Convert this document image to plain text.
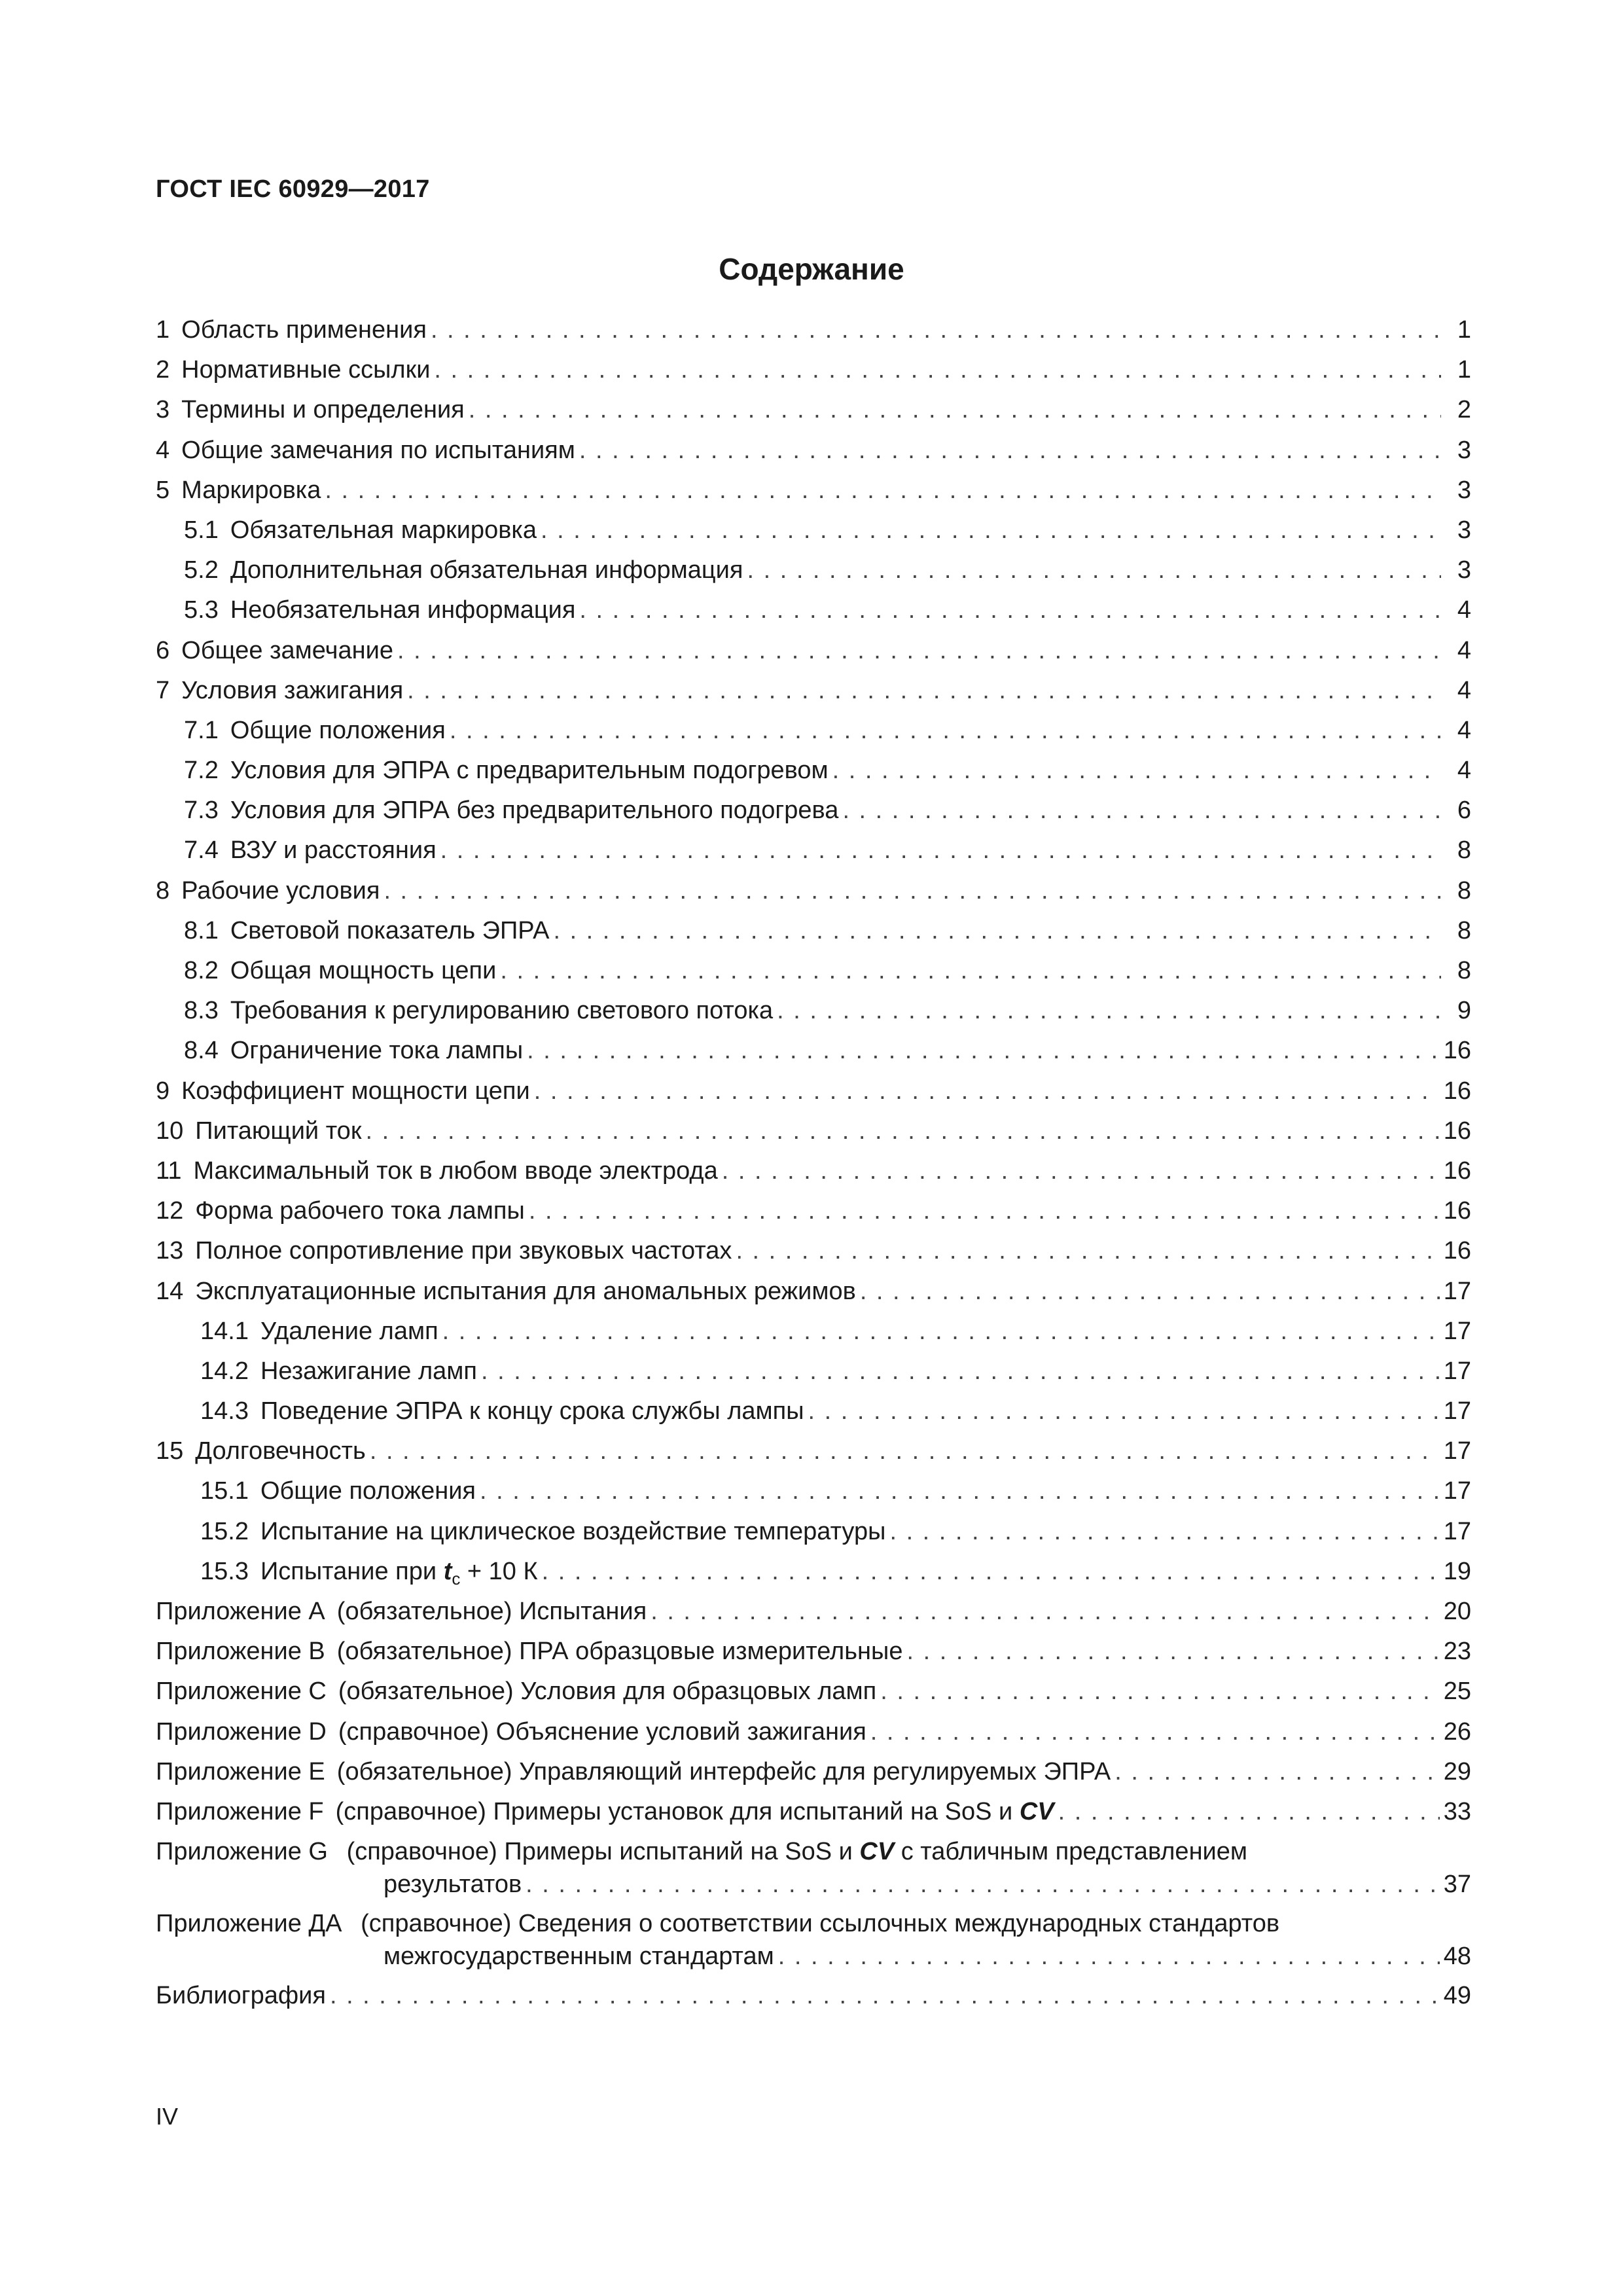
ГОСТ IEC 60929—2017
Содержание
1 Область применения . . .	1
2 Нормативные ссылки . . .	1
3 Термины и определения . . .	2
4 Общие замечания по испытаниям . . .	3
5 Маркировка . . .	3
5.1 Обязательная маркировка . . .	3
5.2 Дополнительная обязательная информация . . .	3
5.3 Необязательная информация . . .	4
6 Общее замечание . . .	4
7 Условия зажигания . . .	4
7.1 Общие положения . . .	4
7.2 Условия для ЭПРА с предварительным подогревом . . .	4
7.3 Условия для ЭПРА без предварительного подогрева . . .	6
7.4 ВЗУ и расстояния . . .	8
8 Рабочие условия . . .	8
8.1 Световой показатель ЭПРА . . .	8
8.2 Общая мощность цепи . . .	8
8.3 Требования к регулированию светового потока . . .	9
8.4 Ограничение тока лампы . . .	16
9 Коэффициент мощности цепи . . .	16
10 Питающий ток . . .	16
11 Максимальный ток в любом вводе электрода . . .	16
12 Форма рабочего тока лампы . . .	16
13 Полное сопротивление при звуковых частотах . . .	16
14 Эксплуатационные испытания для аномальных режимов . . .	17
14.1 Удаление ламп . . .	17
14.2 Незажигание ламп . . .	17
14.3 Поведение ЭПРА к концу срока службы лампы . . .	17
15 Долговечность . . .	17
15.1 Общие положения . . .	17
15.2 Испытание на циклическое воздействие температуры . . .	17
15.3 Испытание при $t_c + 10$ К . . .	19
Приложение А (обязательное) Испытания . . .	20
Приложение В (обязательное) ПРА образцовые измерительные . . .	23
Приложение С (обязательное) Условия для образцовых ламп . . .	25
Приложение D (справочное) Объяснение условий зажигания . . .	26
Приложение Е (обязательное) Управляющий интерфейс для регулируемых ЭПРА . . .	29
Приложение F (справочное) Примеры установок для испытаний на SoS и CV . . .	33
Приложение G (справочное) Примеры испытаний на SoS и CV с табличным представлением
результатов . . .	37
Приложение ДА (справочное) Сведения о соответствии ссылочных международных стандартов
межгосударственным стандартам . . .	48
Библиография . . .	49
IV
